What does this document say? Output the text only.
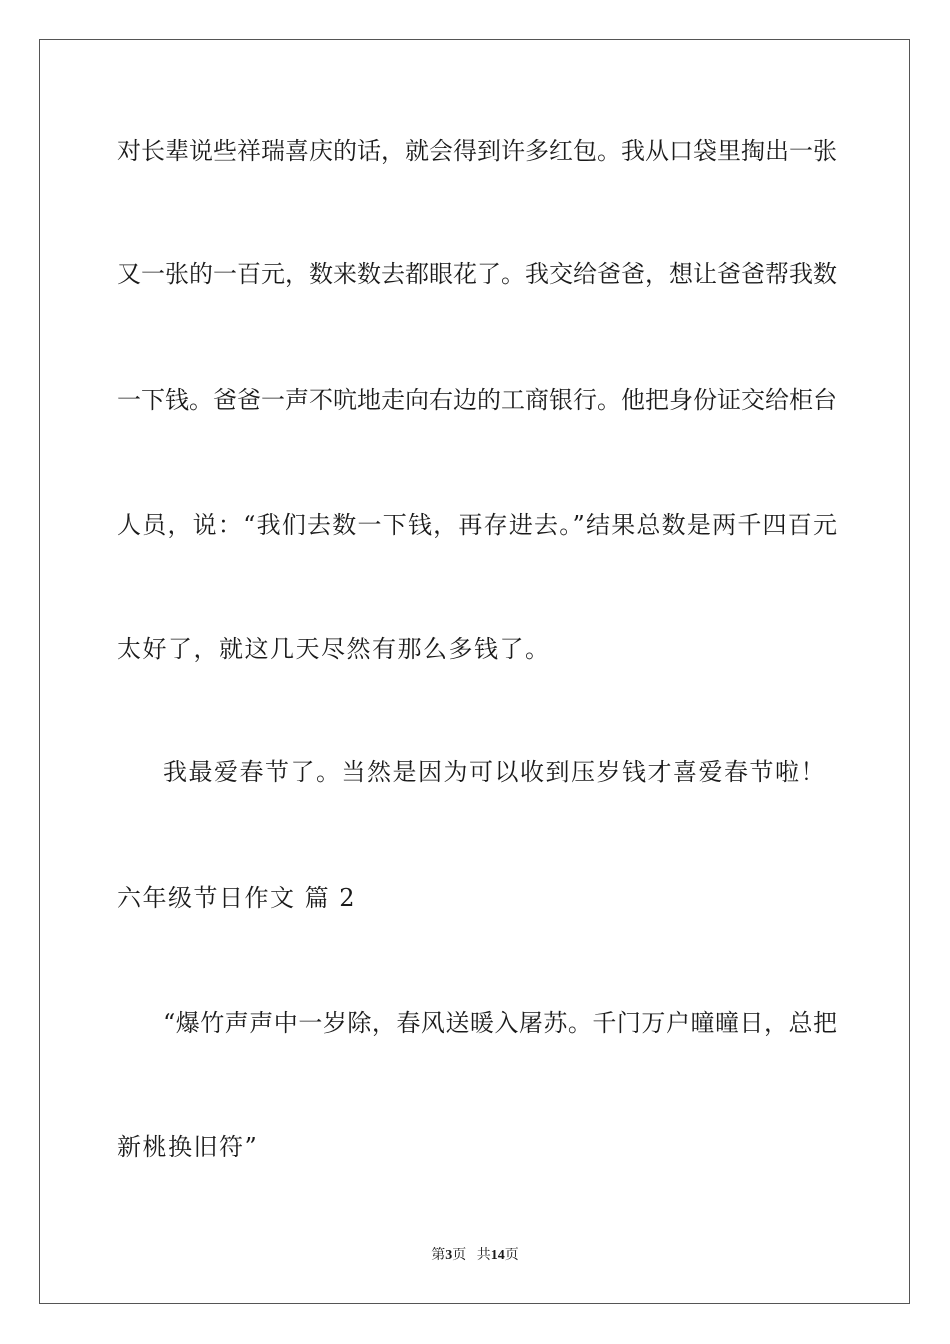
对长辈说些祥瑞喜庆的话，就会得到许多红包。我从口袋里掏出一张
又一张的一百元，数来数去都眼花了。我交给爸爸，想让爸爸帮我数
一下钱。爸爸一声不吭地走向右边的工商银行。他把身份证交给柜台
人员，说：“我们去数一下钱，再存进去。”结果总数是两千四百元
太好了，就这几天尽然有那么多钱了。
我最爱春节了。当然是因为可以收到压岁钱才喜爱春节啦！
六年级节日作文 篇 2
“爆竹声声中一岁除，春风送暖入屠苏。千门万户曈曈日，总把
新桃换旧符”
第3页 共14页
